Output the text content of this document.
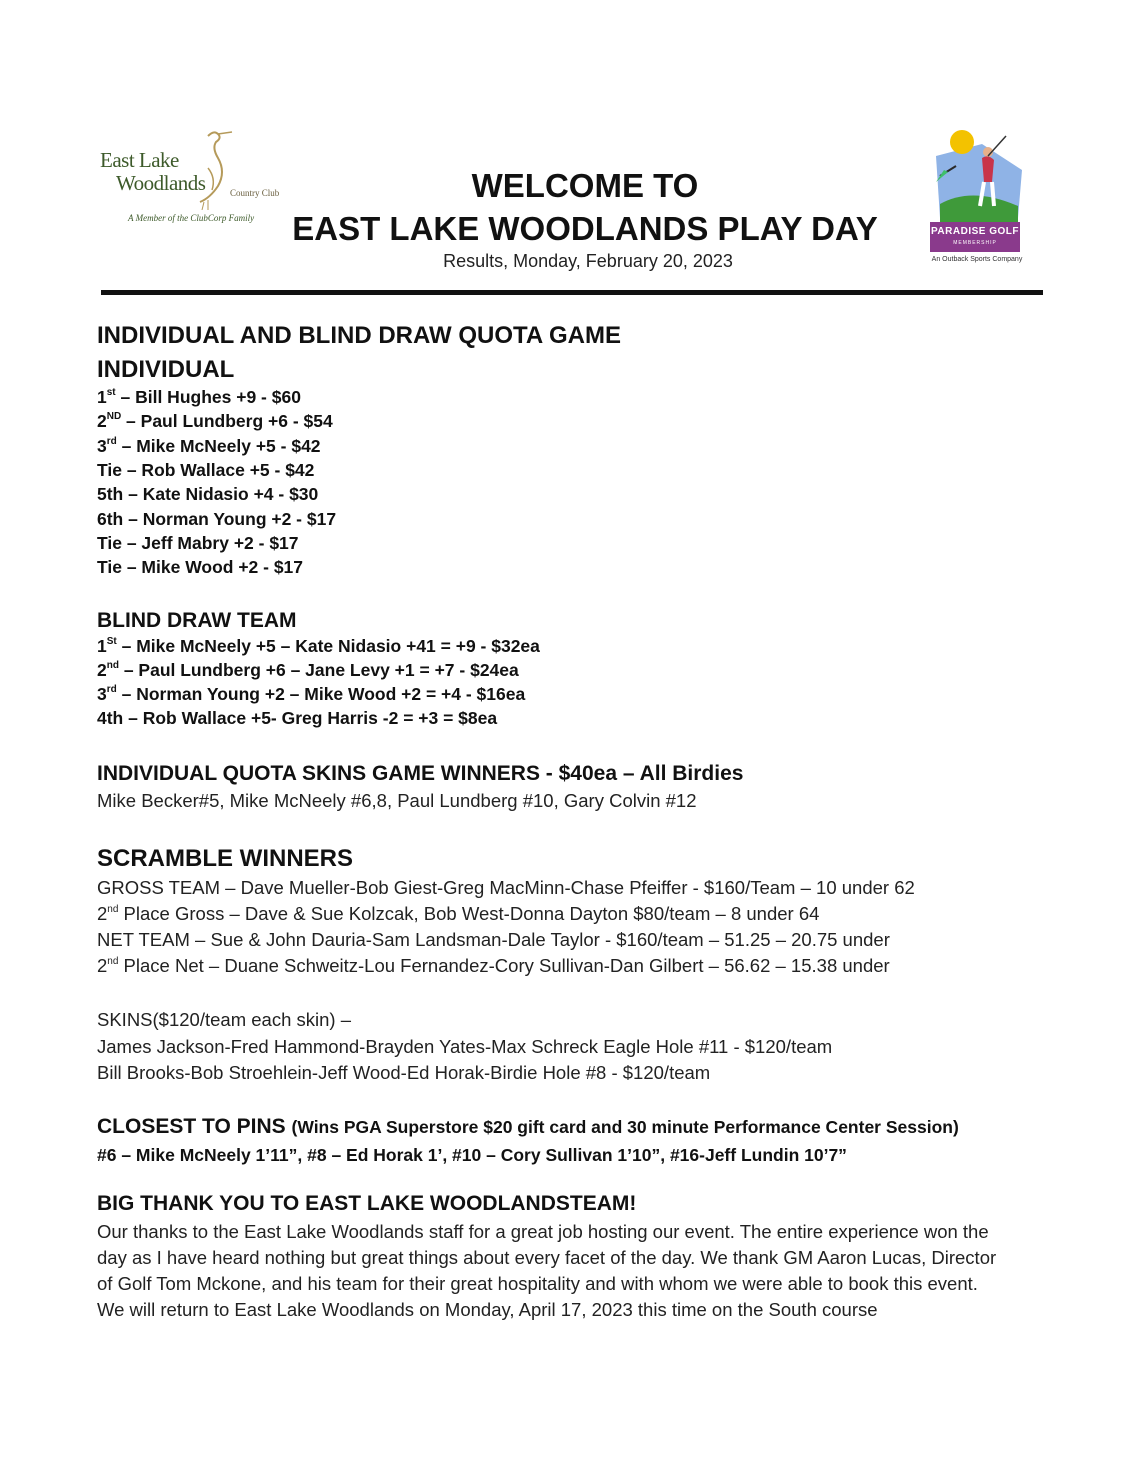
East Lake
Woodlands	Country Club
A Member of the ClubCorp Family
WELCOME TO
EAST LAKE WOODLANDS PLAY DAY
Results, Monday, February 20, 2023
PARADISE GOLF
MEMBERSHIP
An Outback Sports Company
INDIVIDUAL AND BLIND DRAW QUOTA GAME
INDIVIDUAL
1st – Bill Hughes +9 - $60
2ND – Paul Lundberg +6 - $54
3rd – Mike McNeely +5 - $42
Tie – Rob Wallace +5 - $42
5th – Kate Nidasio +4 - $30
6th – Norman Young +2 - $17
Tie – Jeff Mabry +2 - $17
Tie – Mike Wood +2 - $17
BLIND DRAW TEAM
1St – Mike McNeely +5 – Kate Nidasio +41 = +9 - $32ea
2nd – Paul Lundberg +6 – Jane Levy +1 = +7 - $24ea
3rd – Norman Young +2 – Mike Wood +2 = +4 - $16ea
4th – Rob Wallace +5- Greg Harris -2 = +3 = $8ea
INDIVIDUAL QUOTA SKINS GAME WINNERS - $40ea – All Birdies
Mike Becker#5, Mike McNeely #6,8, Paul Lundberg #10, Gary Colvin #12
SCRAMBLE WINNERS
GROSS TEAM – Dave Mueller-Bob Giest-Greg MacMinn-Chase Pfeiffer - $160/Team – 10 under 62
2nd Place Gross – Dave & Sue Kolzcak, Bob West-Donna Dayton $80/team – 8 under 64
NET TEAM – Sue & John Dauria-Sam Landsman-Dale Taylor - $160/team – 51.25 – 20.75 under
2nd Place Net – Duane Schweitz-Lou Fernandez-Cory Sullivan-Dan Gilbert – 56.62 – 15.38 under
SKINS($120/team each skin) –
James Jackson-Fred Hammond-Brayden Yates-Max Schreck Eagle Hole #11 - $120/team
Bill Brooks-Bob Stroehlein-Jeff Wood-Ed Horak-Birdie Hole #8 - $120/team
CLOSEST TO PINS (Wins PGA Superstore $20 gift card and 30 minute Performance Center Session)
#6 – Mike McNeely 1’11”, #8 – Ed Horak 1’, #10 – Cory Sullivan 1’10”, #16-Jeff Lundin 10’7”
BIG THANK YOU TO EAST LAKE WOODLANDSTEAM!
Our thanks to the East Lake Woodlands staff for a great job hosting our event. The entire experience won the
day as I have heard nothing but great things about every facet of the day. We thank GM Aaron Lucas, Director
of Golf Tom Mckone, and his team for their great hospitality and with whom we were able to book this event.
We will return to East Lake Woodlands on Monday, April 17, 2023 this time on the South course
